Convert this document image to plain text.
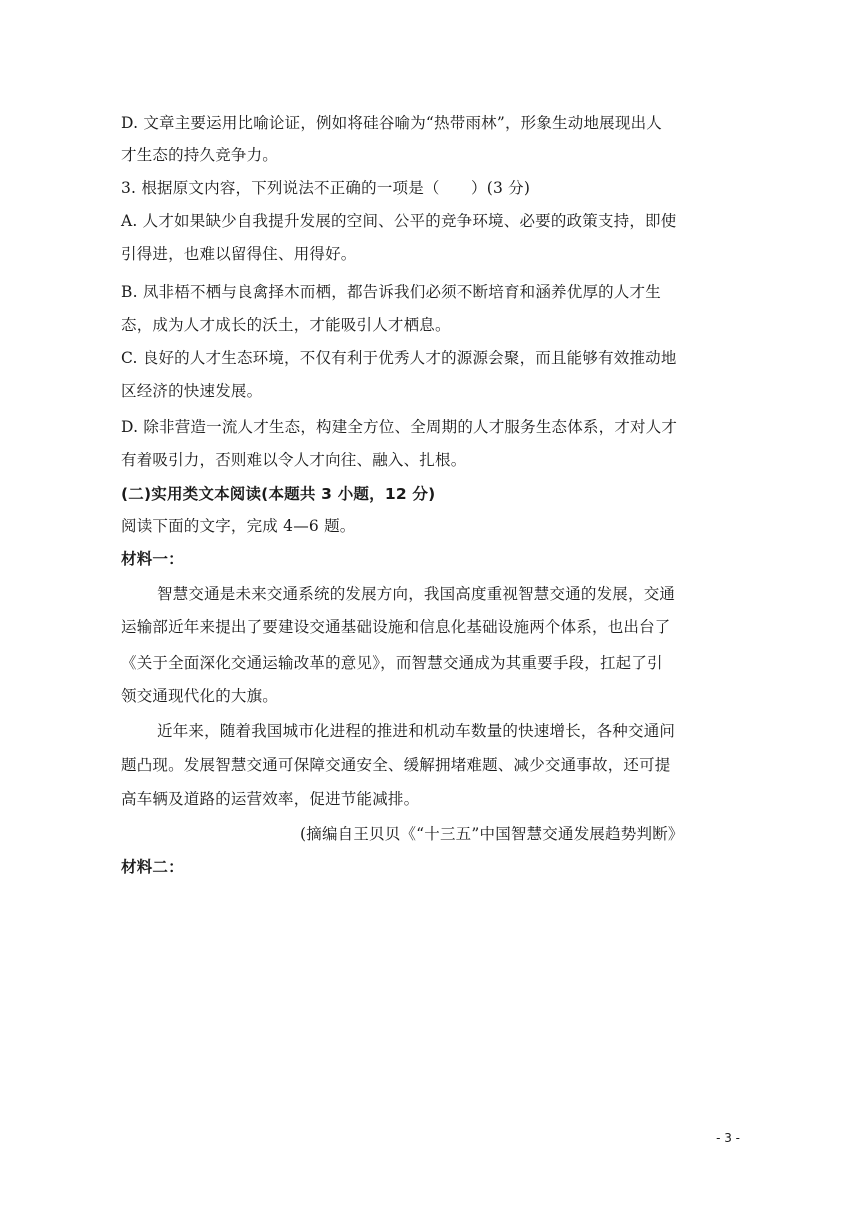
D. 文章主要运用比喻论证，例如将硅谷喻为“热带雨林”，形象生动地展现出人

才生态的持久竞争力。

3. 根据原文内容，下列说法不正确的一项是（　　）(3 分)

A. 人才如果缺少自我提升发展的空间、公平的竞争环境、必要的政策支持，即使

引得进，也难以留得住、用得好。

B. 凤非梧不栖与良禽择木而栖，都告诉我们必须不断培育和涵养优厚的人才生

态，成为人才成长的沃土，才能吸引人才栖息。

C. 良好的人才生态环境，不仅有利于优秀人才的源源会聚，而且能够有效推动地

区经济的快速发展。

D. 除非营造一流人才生态，构建全方位、全周期的人才服务生态体系，才对人才

有着吸引力，否则难以令人才向往、融入、扎根。

(二)实用类文本阅读(本题共 3 小题，12 分)

阅读下面的文字，完成 4—6 题。

材料一：

智慧交通是未来交通系统的发展方向，我国高度重视智慧交通的发展，交通

运输部近年来提出了要建设交通基础设施和信息化基础设施两个体系，也出台了

《关于全面深化交通运输改革的意见》，而智慧交通成为其重要手段，扛起了引

领交通现代化的大旗。

近年来，随着我国城市化进程的推进和机动车数量的快速增长，各种交通问

题凸现。发展智慧交通可保障交通安全、缓解拥堵难题、减少交通事故，还可提

高车辆及道路的运营效率，促进节能减排。

(摘编自王贝贝《“十三五”中国智慧交通发展趋势判断》

材料二：

- 3 -
